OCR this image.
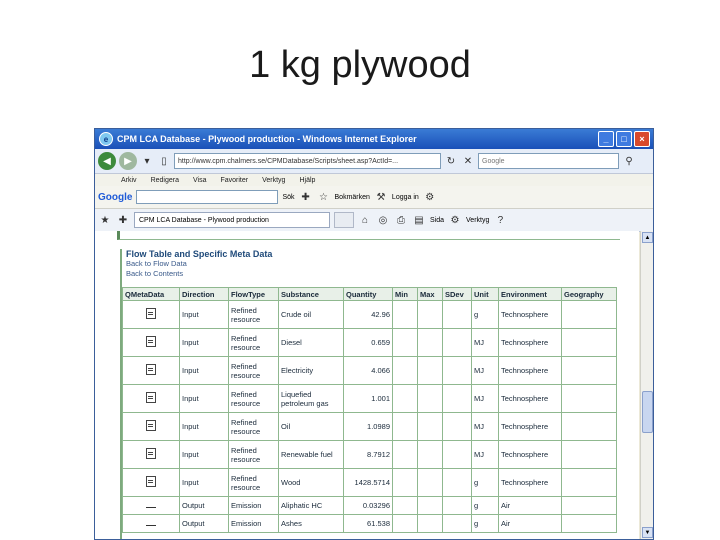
1 kg plywood
e CPM LCA Database - Plywood production - Windows Internet Explorer	_	□	×
◀	▶	▾	▯	http://www.cpm.chalmers.se/CPMDatabase/Scripts/sheet.asp?ActId=...	↻ ✕	Google	⚲
Arkiv Redigera Visa Favoriter Verktyg Hjälp
Google	Sök ✚ ☆ Bokmärken ⚒ Logga in ⚙
★ ✚	CPM LCA Database - Plywood production	⌂	◎ ⎙ ▤ Sida ⚙ Verktyg ?
Flow Table and Specific Meta Data
Back to Flow Data
Back to Contents
QMetaData	Direction	FlowType	Substance	Quantity	Min	Max	SDev	Unit	Environment	Geography
	Input	Refined resource	Crude oil	42.96				g	Technosphere	
	Input	Refined resource	Diesel	0.659				MJ	Technosphere	
	Input	Refined resource	Electricity	4.066				MJ	Technosphere	
	Input	Refined resource	Liquefied petroleum gas	1.001				MJ	Technosphere	
	Input	Refined resource	Oil	1.0989				MJ	Technosphere	
	Input	Refined resource	Renewable fuel	8.7912				MJ	Technosphere	
	Input	Refined resource	Wood	1428.5714				g	Technosphere	
	Output	Emission	Aliphatic HC	0.03296				g	Air	
	Output	Emission	Ashes	61.538				g	Air	
▲
▼
